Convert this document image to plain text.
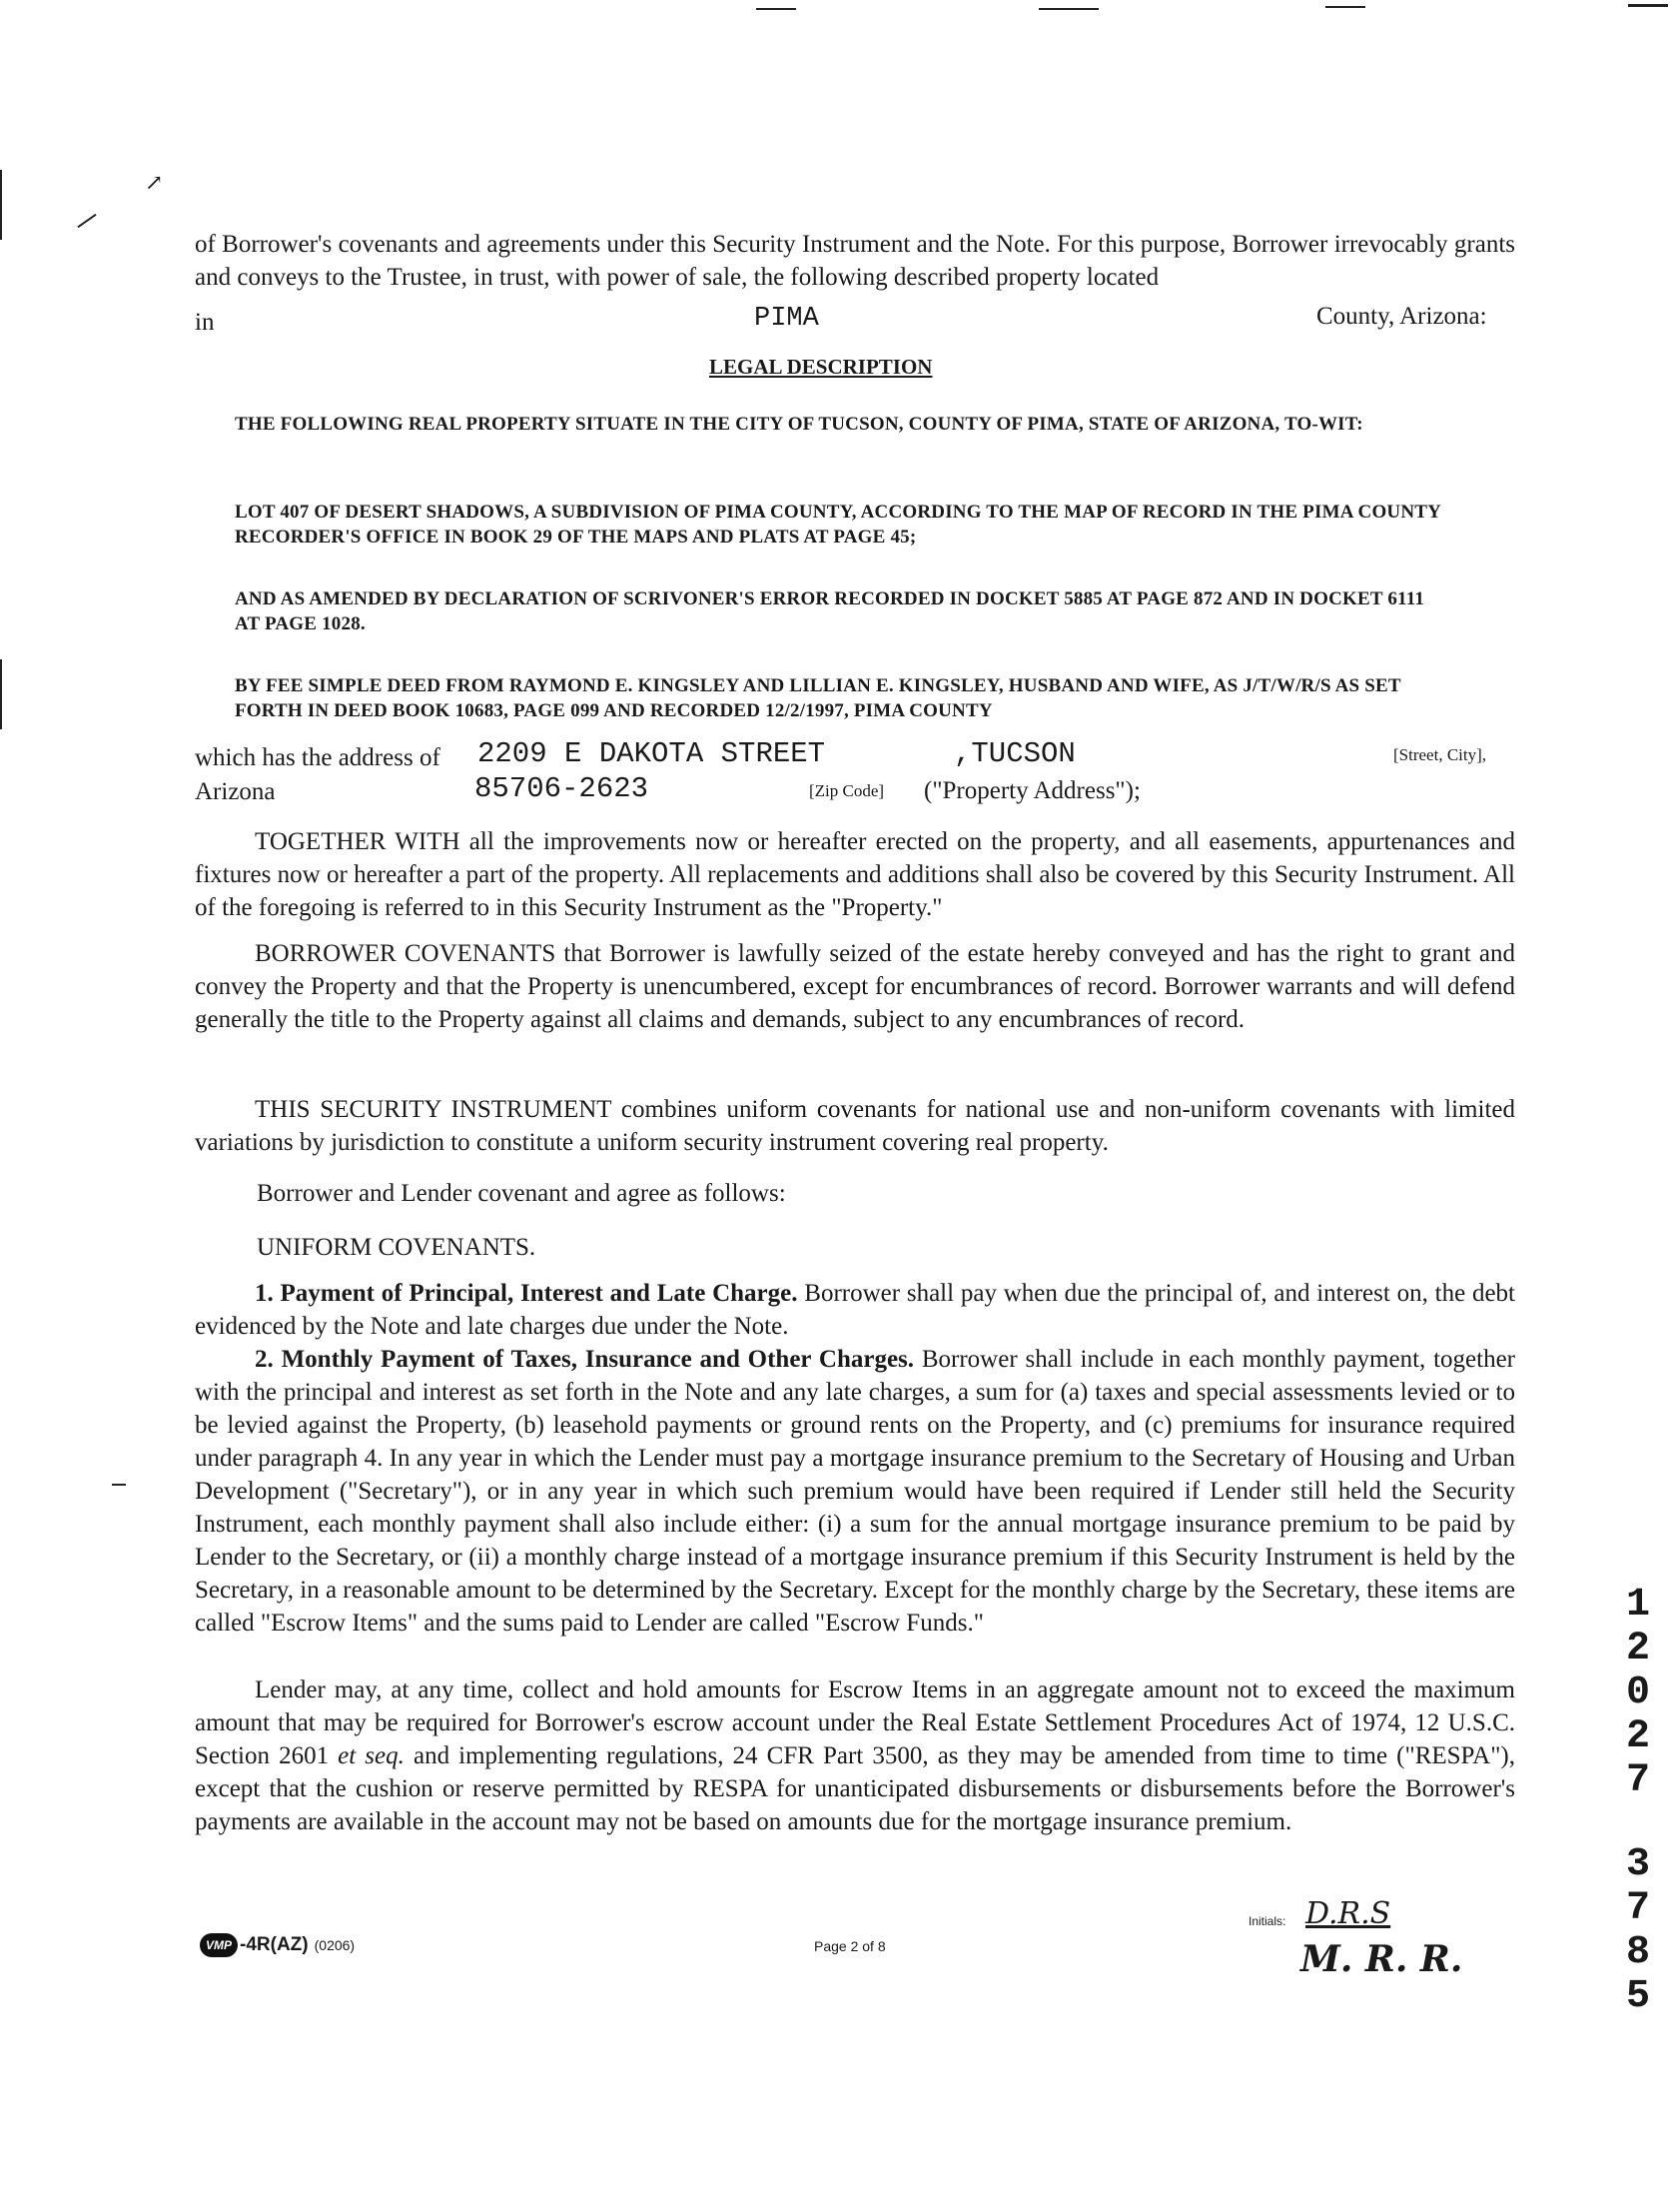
↗
of Borrower's covenants and agreements under this Security Instrument and the Note. For this purpose, Borrower irrevocably grants and conveys to the Trustee, in trust, with power of sale, the following described property located
in	PIMA	County, Arizona:
LEGAL DESCRIPTION
THE FOLLOWING REAL PROPERTY SITUATE IN THE CITY OF TUCSON, COUNTY OF PIMA, STATE OF ARIZONA, TO-WIT:
LOT 407 OF DESERT SHADOWS, A SUBDIVISION OF PIMA COUNTY, ACCORDING TO THE MAP OF RECORD IN THE PIMA COUNTY RECORDER'S OFFICE IN BOOK 29 OF THE MAPS AND PLATS AT PAGE 45;
AND AS AMENDED BY DECLARATION OF SCRIVONER'S ERROR RECORDED IN DOCKET 5885 AT PAGE 872 AND IN DOCKET 6111 AT PAGE 1028.
BY FEE SIMPLE DEED FROM RAYMOND E. KINGSLEY AND LILLIAN E. KINGSLEY, HUSBAND AND WIFE, AS J/T/W/R/S AS SET FORTH IN DEED BOOK 10683, PAGE 099 AND RECORDED 12/2/1997, PIMA COUNTY
which has the address of 2209 E DAKOTA STREET	,TUCSON	[Street, City],
Arizona	85706-2623	[Zip Code] ("Property Address");
TOGETHER WITH all the improvements now or hereafter erected on the property, and all easements, appurtenances and fixtures now or hereafter a part of the property. All replacements and additions shall also be covered by this Security Instrument. All of the foregoing is referred to in this Security Instrument as the "Property."
BORROWER COVENANTS that Borrower is lawfully seized of the estate hereby conveyed and has the right to grant and convey the Property and that the Property is unencumbered, except for encumbrances of record. Borrower warrants and will defend generally the title to the Property against all claims and demands, subject to any encumbrances of record.
THIS SECURITY INSTRUMENT combines uniform covenants for national use and non-uniform covenants with limited variations by jurisdiction to constitute a uniform security instrument covering real property.
Borrower and Lender covenant and agree as follows:
UNIFORM COVENANTS.
1. Payment of Principal, Interest and Late Charge. Borrower shall pay when due the principal of, and interest on, the debt evidenced by the Note and late charges due under the Note.
2. Monthly Payment of Taxes, Insurance and Other Charges. Borrower shall include in each monthly payment, together with the principal and interest as set forth in the Note and any late charges, a sum for (a) taxes and special assessments levied or to be levied against the Property, (b) leasehold payments or ground rents on the Property, and (c) premiums for insurance required under paragraph 4. In any year in which the Lender must pay a mortgage insurance premium to the Secretary of Housing and Urban Development ("Secretary"), or in any year in which such premium would have been required if Lender still held the Security Instrument, each monthly payment shall also include either: (i) a sum for the annual mortgage insurance premium to be paid by Lender to the Secretary, or (ii) a monthly charge instead of a mortgage insurance premium if this Security Instrument is held by the Secretary, in a reasonable amount to be determined by the Secretary. Except for the monthly charge by the Secretary, these items are called "Escrow Items" and the sums paid to Lender are called "Escrow Funds."
Lender may, at any time, collect and hold amounts for Escrow Items in an aggregate amount not to exceed the maximum amount that may be required for Borrower's escrow account under the Real Estate Settlement Procedures Act of 1974, 12 U.S.C. Section 2601 et seq. and implementing regulations, 24 CFR Part 3500, as they may be amended from time to time ("RESPA"), except that the cushion or reserve permitted by RESPA for unanticipated disbursements or disbursements before the Borrower's payments are available in the account may not be based on amounts due for the mortgage insurance premium.
VMP -4R(AZ) (0206)	Page 2 of 8
Initials: D.R.S
M. R. R.
1
2
0
2
7
3
7
8
5
